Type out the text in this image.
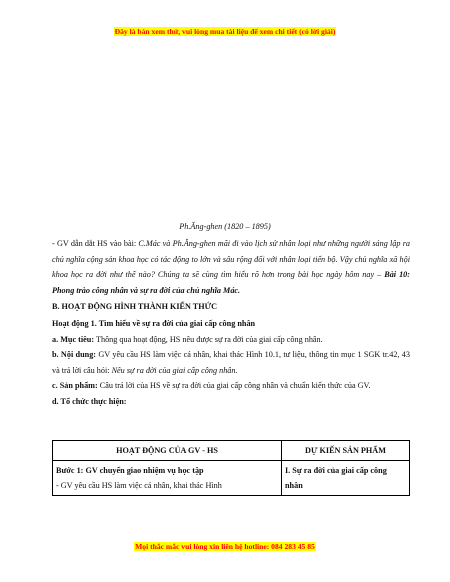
Đây là bản xem thử, vui lòng mua tài liệu để xem chi tiết (có lời giải)
Ph.Ăng-ghen (1820 – 1895)

- GV dẫn dắt HS vào bài: C.Mác và Ph.Ăng-ghen mãi đi vào lịch sử nhân loại như những người sáng lập ra chủ nghĩa cộng sản khoa học có tác động to lớn và sâu rộng đối với nhân loại tiến bộ. Vậy chủ nghĩa xã hội khoa học ra đời như thế nào? Chúng ta sẽ cùng tìm hiểu rõ hơn trong bài học ngày hôm nay – Bài 10: Phong trào công nhân và sự ra đời của chủ nghĩa Mác.

B. HOẠT ĐỘNG HÌNH THÀNH KIẾN THỨC

Hoạt động 1. Tìm hiểu về sự ra đời của giai cấp công nhân

a. Mục tiêu: Thông qua hoạt động, HS nêu được sự ra đời của giai cấp công nhân.

b. Nội dung: GV yêu cầu HS làm việc cá nhân, khai thác Hình 10.1, tư liệu, thông tin mục 1 SGK tr.42, 43 và trả lời câu hỏi: Nêu sự ra đời của giai cấp công nhân.

c. Sản phẩm: Câu trả lời của HS về sự ra đời của giai cấp công nhân và chuẩn kiến thức của GV.

d. Tổ chức thực hiện:

HOẠT ĐỘNG CỦA GV - HS	DỰ KIẾN SẢN PHẨM

Bước 1: GV chuyển giao nhiệm vụ học tập
- GV yêu cầu HS làm việc cá nhân, khai thác Hình	I. Sự ra đời của giai cấp công nhân
Mọi thắc mắc vui lòng xin liên hệ hotline: 084 283 45 85
